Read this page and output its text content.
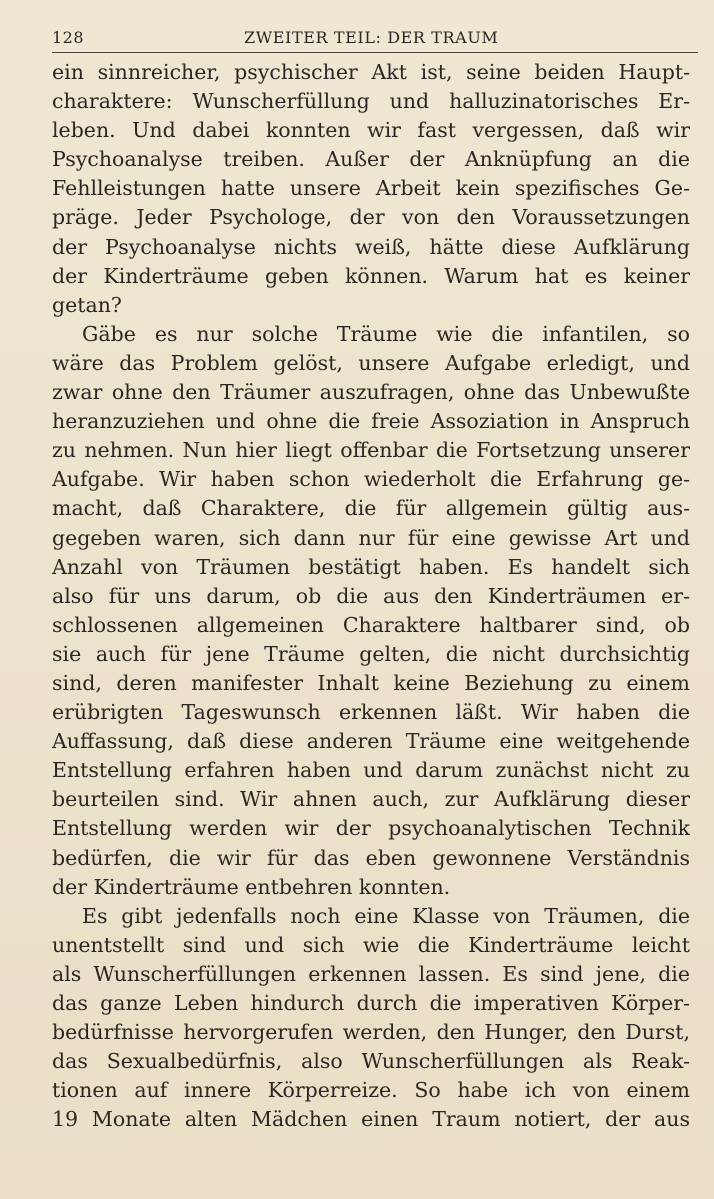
128	ZWEITER TEIL: DER TRAUM
ein sinnreicher, psychischer Akt ist, seine beiden Haupt-
charaktere: Wunscherfüllung und halluzinatorisches Er-
leben. Und dabei konnten wir fast vergessen, daß wir
Psychoanalyse treiben. Außer der Anknüpfung an die
Fehlleistungen hatte unsere Arbeit kein spezifisches Ge-
präge. Jeder Psychologe, der von den Voraussetzungen
der Psychoanalyse nichts weiß, hätte diese Aufklärung
der Kinderträume geben können. Warum hat es keiner
getan?
Gäbe es nur solche Träume wie die infantilen, so
wäre das Problem gelöst, unsere Aufgabe erledigt, und
zwar ohne den Träumer auszufragen, ohne das Unbewußte
heranzuziehen und ohne die freie Assoziation in Anspruch
zu nehmen. Nun hier liegt offenbar die Fortsetzung unserer
Aufgabe. Wir haben schon wiederholt die Erfahrung ge-
macht, daß Charaktere, die für allgemein gültig aus-
gegeben waren, sich dann nur für eine gewisse Art und
Anzahl von Träumen bestätigt haben. Es handelt sich
also für uns darum, ob die aus den Kinderträumen er-
schlossenen allgemeinen Charaktere haltbarer sind, ob
sie auch für jene Träume gelten, die nicht durchsichtig
sind, deren manifester Inhalt keine Beziehung zu einem
erübrigten Tageswunsch erkennen läßt. Wir haben die
Auffassung, daß diese anderen Träume eine weitgehende
Entstellung erfahren haben und darum zunächst nicht zu
beurteilen sind. Wir ahnen auch, zur Aufklärung dieser
Entstellung werden wir der psychoanalytischen Technik
bedürfen, die wir für das eben gewonnene Verständnis
der Kinderträume entbehren konnten.
Es gibt jedenfalls noch eine Klasse von Träumen, die
unentstellt sind und sich wie die Kinderträume leicht
als Wunscherfüllungen erkennen lassen. Es sind jene, die
das ganze Leben hindurch durch die imperativen Körper-
bedürfnisse hervorgerufen werden, den Hunger, den Durst,
das Sexualbedürfnis, also Wunscherfüllungen als Reak-
tionen auf innere Körperreize. So habe ich von einem
19 Monate alten Mädchen einen Traum notiert, der aus
